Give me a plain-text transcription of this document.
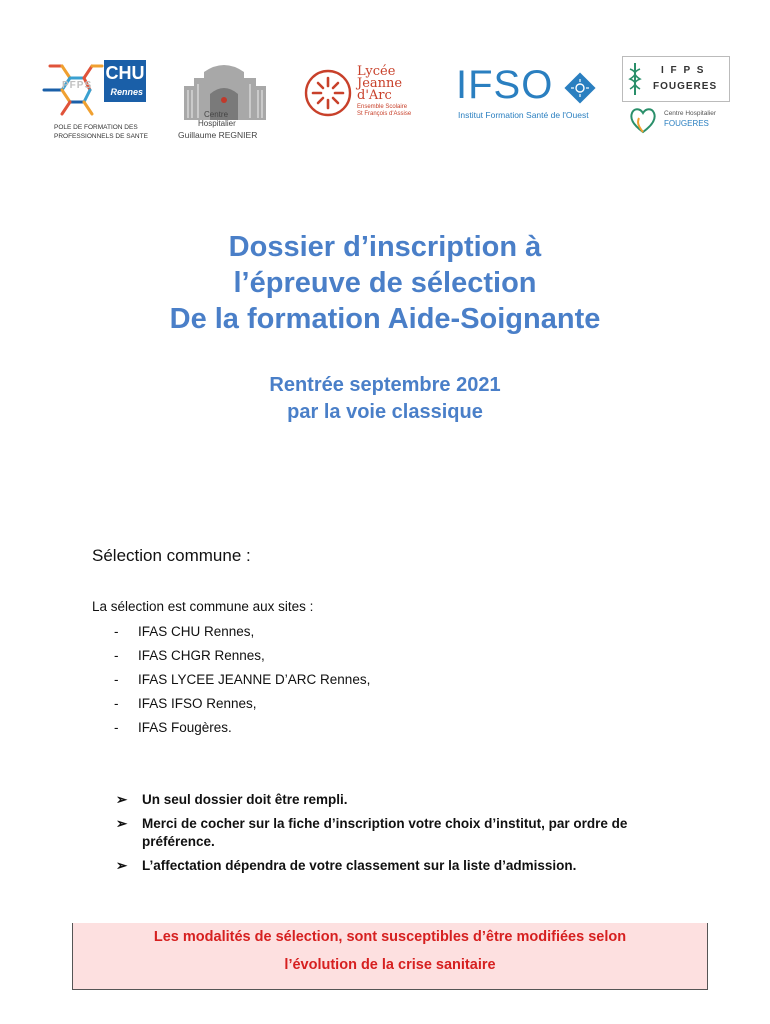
PFPS
CHU
Rennes
POLE DE FORMATION DES
PROFESSIONNELS DE SANTE
Centre
Hospitalier
Guillaume REGNIER
Lycée
Jeanne
d'Arc
Ensemble Scolaire
St François d'Assise
IFSO
Institut Formation Santé de l'Ouest
I F P S
FOUGERES
Centre Hospitalier
FOUGERES
Dossier d’inscription à
l’épreuve de sélection
De la formation Aide-Soignante
Rentrée septembre 2021
par la voie classique
Sélection commune :
La sélection est commune aux sites :
- IFAS CHU Rennes,
- IFAS CHGR Rennes,
- IFAS LYCEE JEANNE D’ARC Rennes,
- IFAS IFSO Rennes,
- IFAS Fougères.
➢ Un seul dossier doit être rempli.
➢ Merci de cocher sur la fiche d’inscription votre choix d’institut, par ordre de préférence.
➢ L’affectation dépendra de votre classement sur la liste d’admission.
Les modalités de sélection, sont susceptibles d’être modifiées selon
l’évolution de la crise sanitaire
